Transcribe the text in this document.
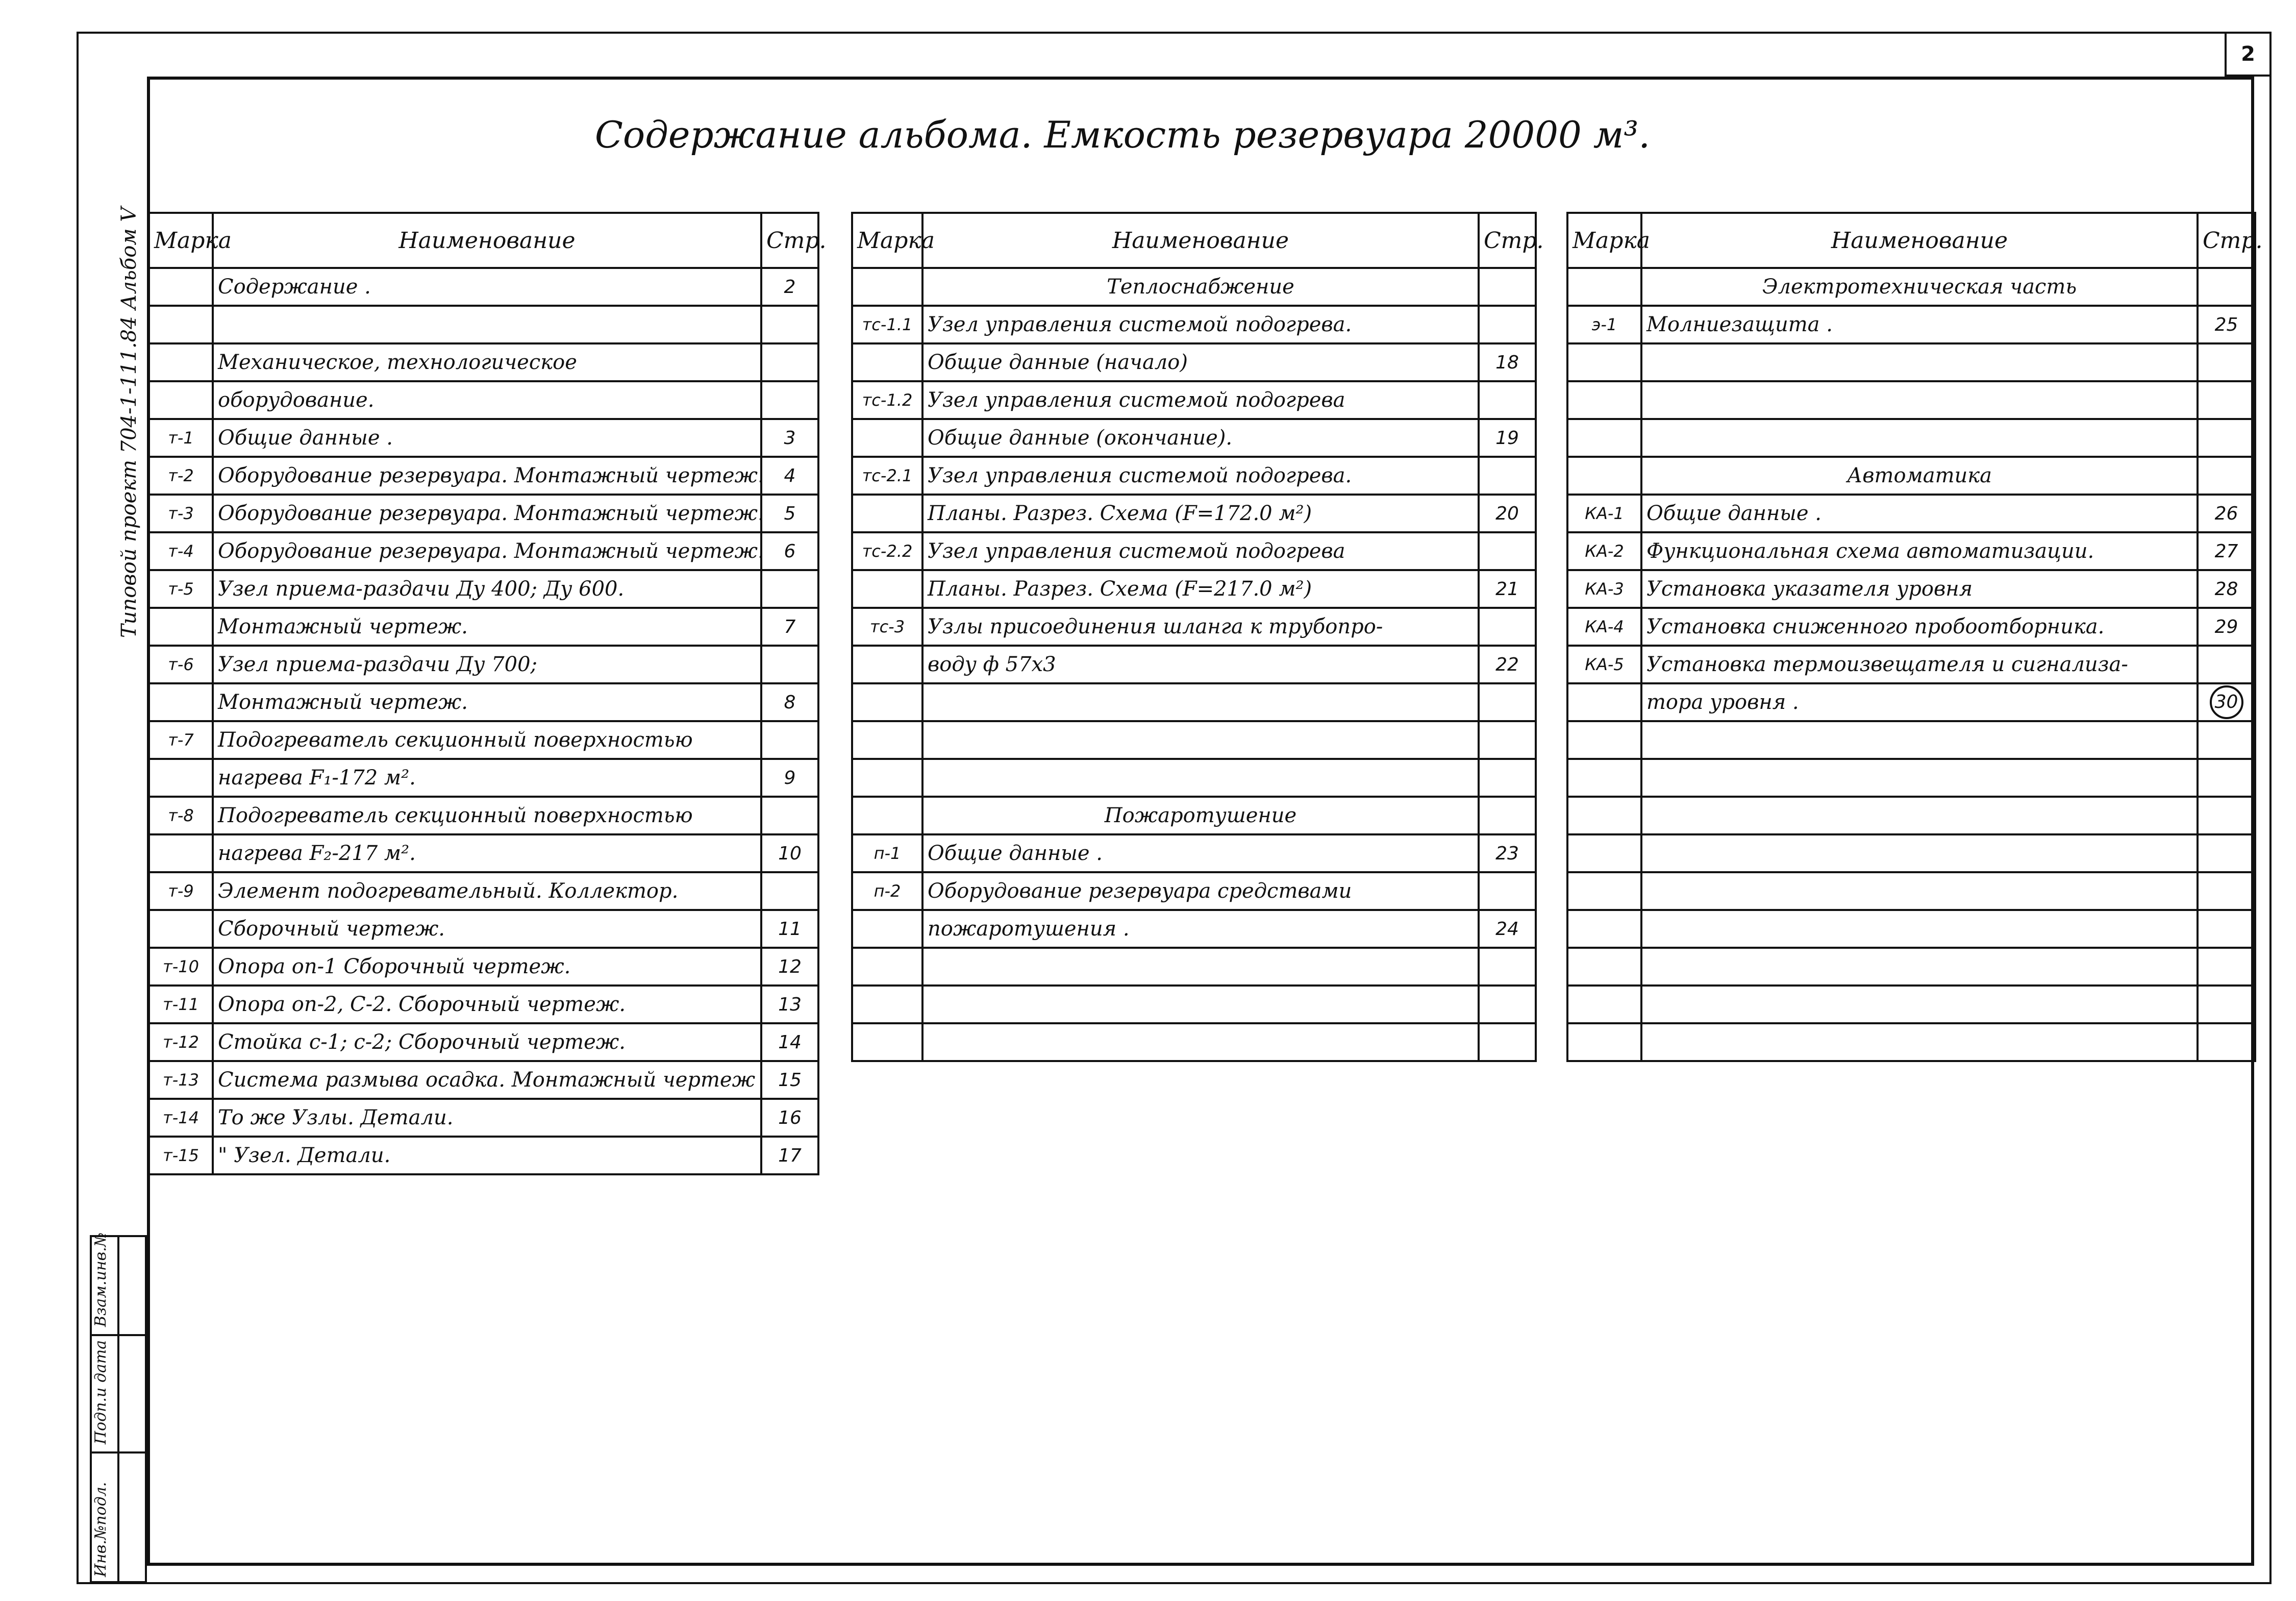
2
Содержание альбома. Емкость резервуара 20000 м³.
Типовой проект 704-1-111.84 Альбом V
Взам.инв.№
Подп.и дата
Инв.№подл.
Марка	Наименование	Стр.
	Содержание .	2

	Механическое, технологическое	
	оборудование.	
т-1	Общие данные .	3
т-2	Оборудование резервуара. Монтажный чертеж.	4
т-3	Оборудование резервуара. Монтажный чертеж.	5
т-4	Оборудование резервуара. Монтажный чертеж.	6
т-5	Узел приема-раздачи Ду 400; Ду 600.	
	Монтажный чертеж.	7
т-6	Узел приема-раздачи Ду 700;	
	Монтажный чертеж.	8
т-7	Подогреватель секционный поверхностью	
	нагрева F₁-172 м².	9
т-8	Подогреватель секционный поверхностью	
	нагрева F₂-217 м².	10
т-9	Элемент подогревательный. Коллектор.	
	Сборочный чертеж.	11
т-10	Опора оп-1 Сборочный чертеж.	12
т-11	Опора оп-2, С-2. Сборочный чертеж.	13
т-12	Стойка с-1; с-2; Сборочный чертеж.	14
т-13	Система размыва осадка. Монтажный чертеж	15
т-14	То же Узлы. Детали.	16
т-15	" Узел. Детали.	17
Марка	Наименование	Стр.
	Теплоснабжение	
тс-1.1	Узел управления системой подогрева.	
	Общие данные (начало)	18
тс-1.2	Узел управления системой подогрева	
	Общие данные (окончание).	19
тс-2.1	Узел управления системой подогрева.	
	Планы. Разрез. Схема (F=172.0 м²)	20
тс-2.2	Узел управления системой подогрева	
	Планы. Разрез. Схема (F=217.0 м²)	21
тс-3	Узлы присоединения шланга к трубопро-	
	воду ф 57х3	22

	Пожаротушение	
п-1	Общие данные .	23
п-2	Оборудование резервуара средствами	
	пожаротушения .	24

Марка	Наименование	Стр.
	Электротехническая часть	
э-1	Молниезащита .	25

	Автоматика	
КА-1	Общие данные .	26
КА-2	Функциональная схема автоматизации.	27
КА-3	Установка указателя уровня	28
КА-4	Установка сниженного пробоотборника.	29
КА-5	Установка термоизвещателя и сигнализа-	
	тора уровня .	30
